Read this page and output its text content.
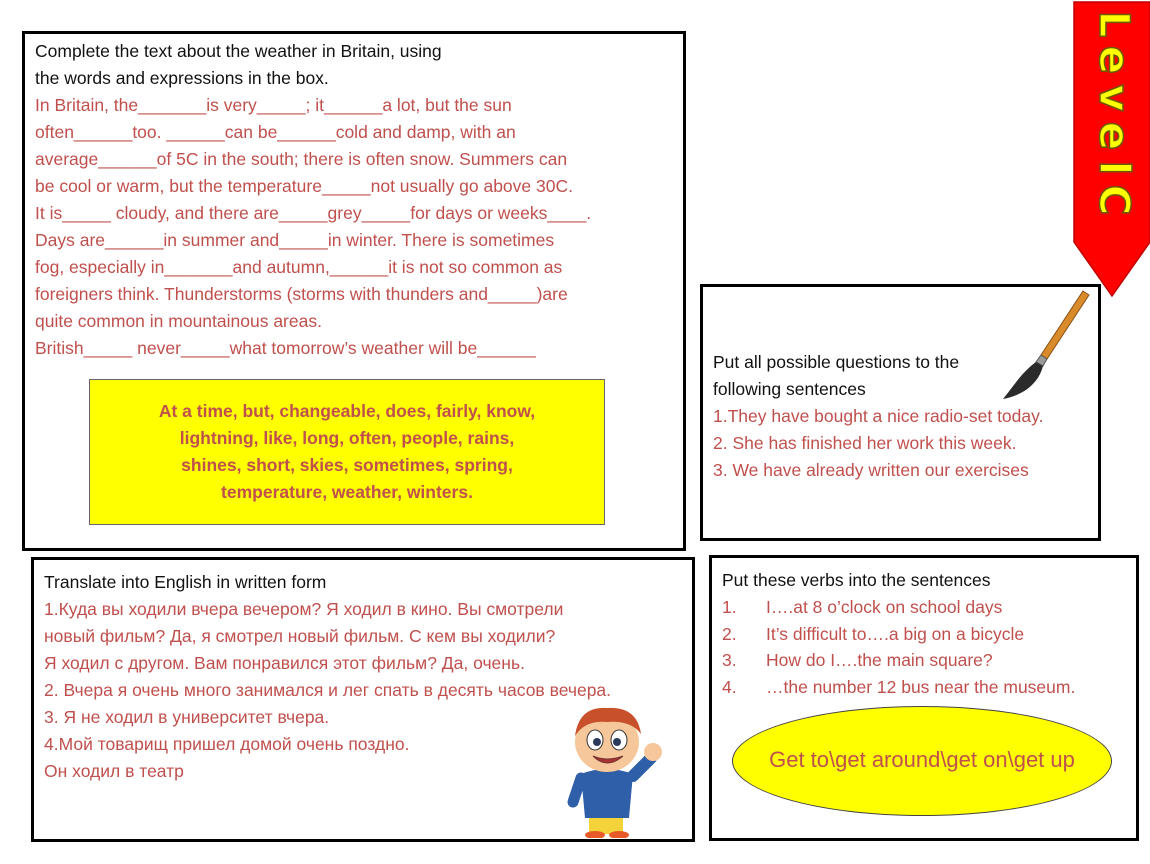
Complete the text about the weather in Britain, using
the words and expressions in the box.
In Britain, the_______is very_____; it______a lot, but the sun
often______too. ______can be______cold and damp, with an
average______of 5C in the south; there is often snow. Summers can
be cool or warm, but the temperature_____not usually go above 30C.
It is_____ cloudy, and there are_____grey_____for days or weeks____.
Days are______in summer and_____in winter. There is sometimes
fog, especially in_______and autumn,______it is not so common as
foreigners think. Thunderstorms (storms with thunders and_____)are
quite common in mountainous areas.
British_____ never_____what tomorrow’s weather will be______
At a time, but, changeable, does, fairly, know,
lightning, like, long, often, people, rains,
shines, short, skies, sometimes, spring,
temperature, weather, winters.
Put all possible questions to the
following sentences
1.They have bought a nice radio-set today.
2. She has finished her work this week.
3. We have already written our exercises
Translate into English in written form
1.Куда вы ходили вчера вечером? Я ходил в кино. Вы смотрели
новый фильм? Да, я смотрел новый фильм. С кем вы ходили?
Я ходил с другом. Вам понравился этот фильм? Да, очень.
2. Вчера я очень много занимался и лег спать в десять часов вечера.
3. Я не ходил в университет вчера.
4.Мой товарищ пришел домой очень поздно.
Он ходил в театр
Put these verbs into the sentences
1. I….at 8 o’clock on school days
2. It’s difficult to….a big on a bicycle
3. How do I….the main square?
4. …the number 12 bus near the museum.
Get to\get around\get on\get up
L
e
v
e
l
C
